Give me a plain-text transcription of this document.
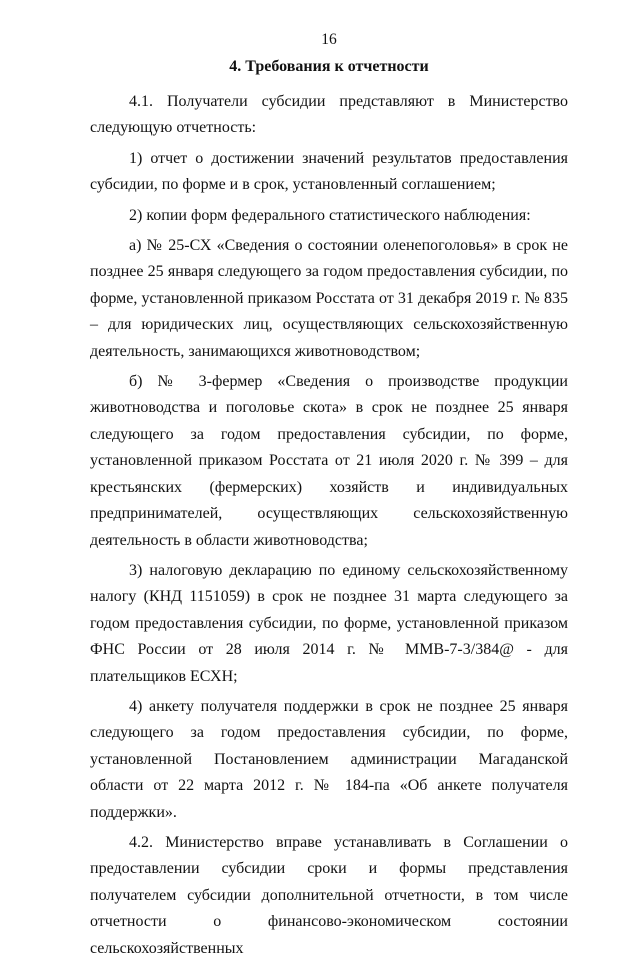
16
4. Требования к отчетности

4.1. Получатели субсидии представляют в Министерство следующую отчетность:

1) отчет о достижении значений результатов предоставления субсидии, по форме и в срок, установленный соглашением;

2) копии форм федерального статистического наблюдения:

а) № 25-СХ «Сведения о состоянии оленепоголовья» в срок не позднее 25 января следующего за годом предоставления субсидии, по форме, установленной приказом Росстата от 31 декабря 2019 г. № 835 – для юридических лиц, осуществляющих сельскохозяйственную деятельность, занимающихся животноводством;

б) № 3-фермер «Сведения о производстве продукции животноводства и поголовье скота» в срок не позднее 25 января следующего за годом предоставления субсидии, по форме, установленной приказом Росстата от 21 июля 2020 г. № 399 – для крестьянских (фермерских) хозяйств и индивидуальных предпринимателей, осуществляющих сельскохозяйственную деятельность в области животноводства;

3) налоговую декларацию по единому сельскохозяйственному налогу (КНД 1151059) в срок не позднее 31 марта следующего за годом предоставления субсидии, по форме, установленной приказом ФНС России от 28 июля 2014 г. № ММВ-7-3/384@ - для плательщиков ЕСХН;

4) анкету получателя поддержки в срок не позднее 25 января следующего за годом предоставления субсидии, по форме, установленной Постановлением администрации Магаданской области от 22 марта 2012 г. № 184-па «Об анкете получателя поддержки».

4.2. Министерство вправе устанавливать в Соглашении о предоставлении субсидии сроки и формы представления получателем субсидии дополнительной отчетности, в том числе отчетности о финансово-экономическом состоянии сельскохозяйственных
